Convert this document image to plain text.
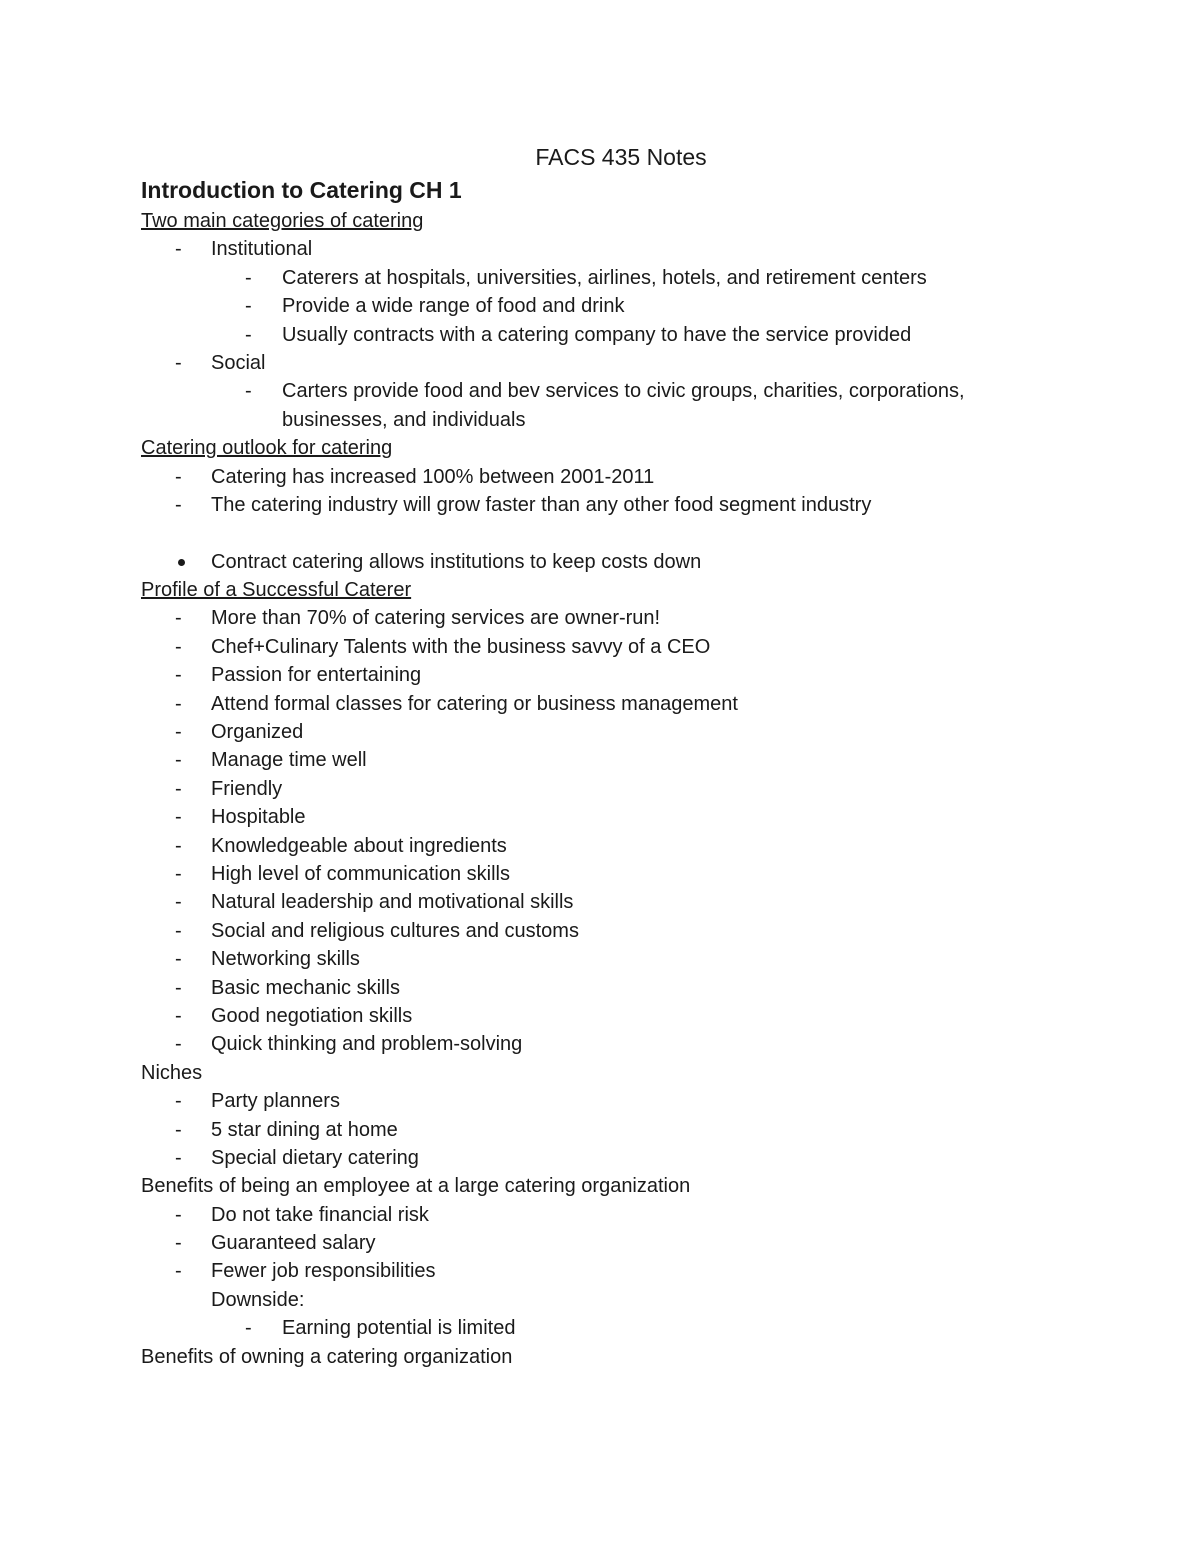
FACS 435 Notes
Introduction to Catering CH 1
Two main categories of catering
- Institutional
- Caterers at hospitals, universities, airlines, hotels, and retirement centers
- Provide a wide range of food and drink
- Usually contracts with a catering company to have the service provided
- Social
- Carters provide food and bev services to civic groups, charities, corporations,
businesses, and individuals
Catering outlook for catering
- Catering has increased 100% between 2001-2011
- The catering industry will grow faster than any other food segment industry
Contract catering allows institutions to keep costs down
Profile of a Successful Caterer
- More than 70% of catering services are owner-run!
- Chef+Culinary Talents with the business savvy of a CEO
- Passion for entertaining
- Attend formal classes for catering or business management
- Organized
- Manage time well
- Friendly
- Hospitable
- Knowledgeable about ingredients
- High level of communication skills
- Natural leadership and motivational skills
- Social and religious cultures and customs
- Networking skills
- Basic mechanic skills
- Good negotiation skills
- Quick thinking and problem-solving
Niches
- Party planners
- 5 star dining at home
- Special dietary catering
Benefits of being an employee at a large catering organization
- Do not take financial risk
- Guaranteed salary
- Fewer job responsibilities
Downside:
- Earning potential is limited
Benefits of owning a catering organization
